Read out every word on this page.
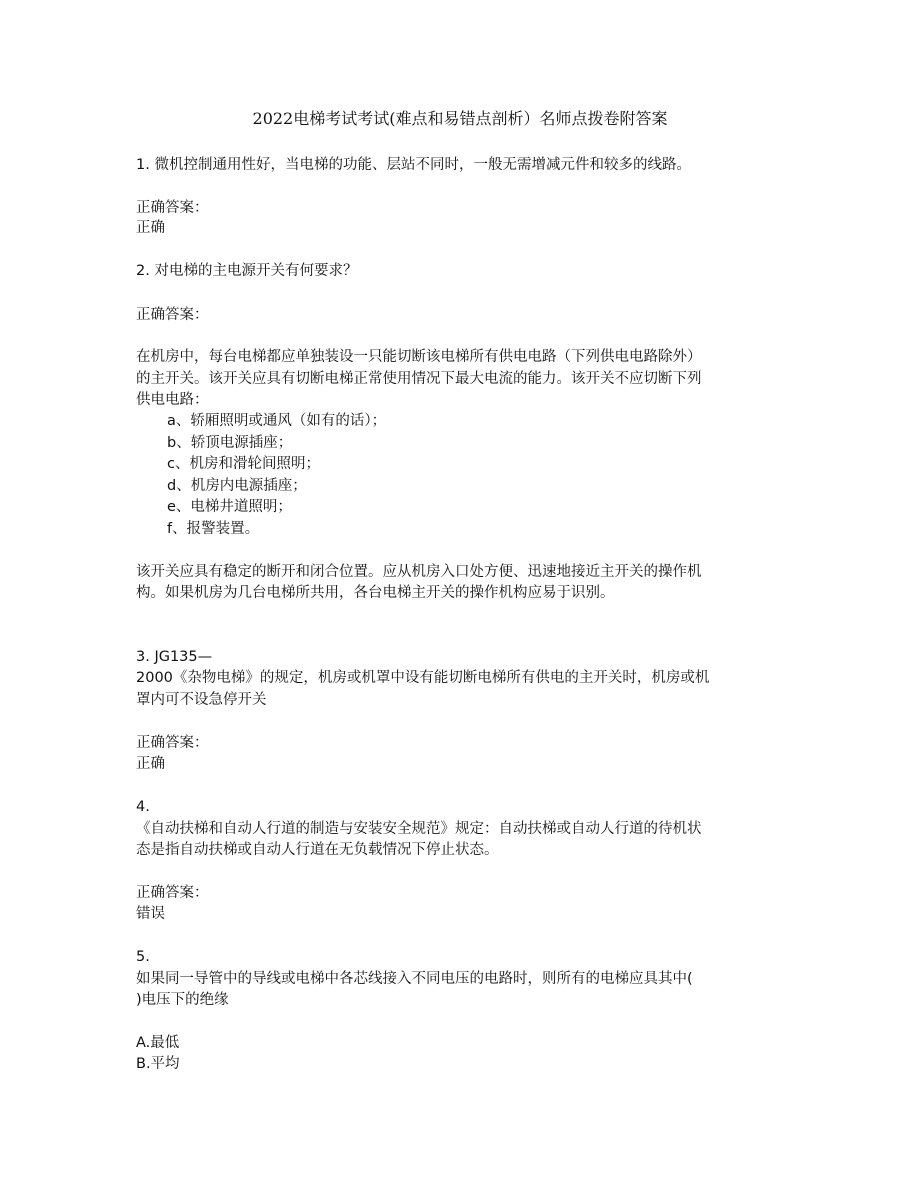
2022电梯考试考试(难点和易错点剖析）名师点拨卷附答案
1. 微机控制通用性好，当电梯的功能、层站不同时，一般无需增减元件和较多的线路。
正确答案：
正确
2. 对电梯的主电源开关有何要求？
正确答案：
在机房中，每台电梯都应单独装设一只能切断该电梯所有供电电路（下列供电电路除外）
的主开关。该开关应具有切断电梯正常使用情况下最大电流的能力。该开关不应切断下列
供电电路：
a、轿厢照明或通风（如有的话）；
b、轿顶电源插座；
c、机房和滑轮间照明；
d、机房内电源插座；
e、电梯井道照明；
f、报警装置。
该开关应具有稳定的断开和闭合位置。应从机房入口处方便、迅速地接近主开关的操作机
构。如果机房为几台电梯所共用，各台电梯主开关的操作机构应易于识别。
3. JG135—
2000《杂物电梯》的规定，机房或机罩中设有能切断电梯所有供电的主开关时，机房或机
罩内可不设急停开关
正确答案：
正确
4.
《自动扶梯和自动人行道的制造与安装安全规范》规定：自动扶梯或自动人行道的待机状
态是指自动扶梯或自动人行道在无负载情况下停止状态。
正确答案：
错误
5.
如果同一导管中的导线或电梯中各芯线接入不同电压的电路时，则所有的电梯应具其中(
)电压下的绝缘
A.最低
B.平均
